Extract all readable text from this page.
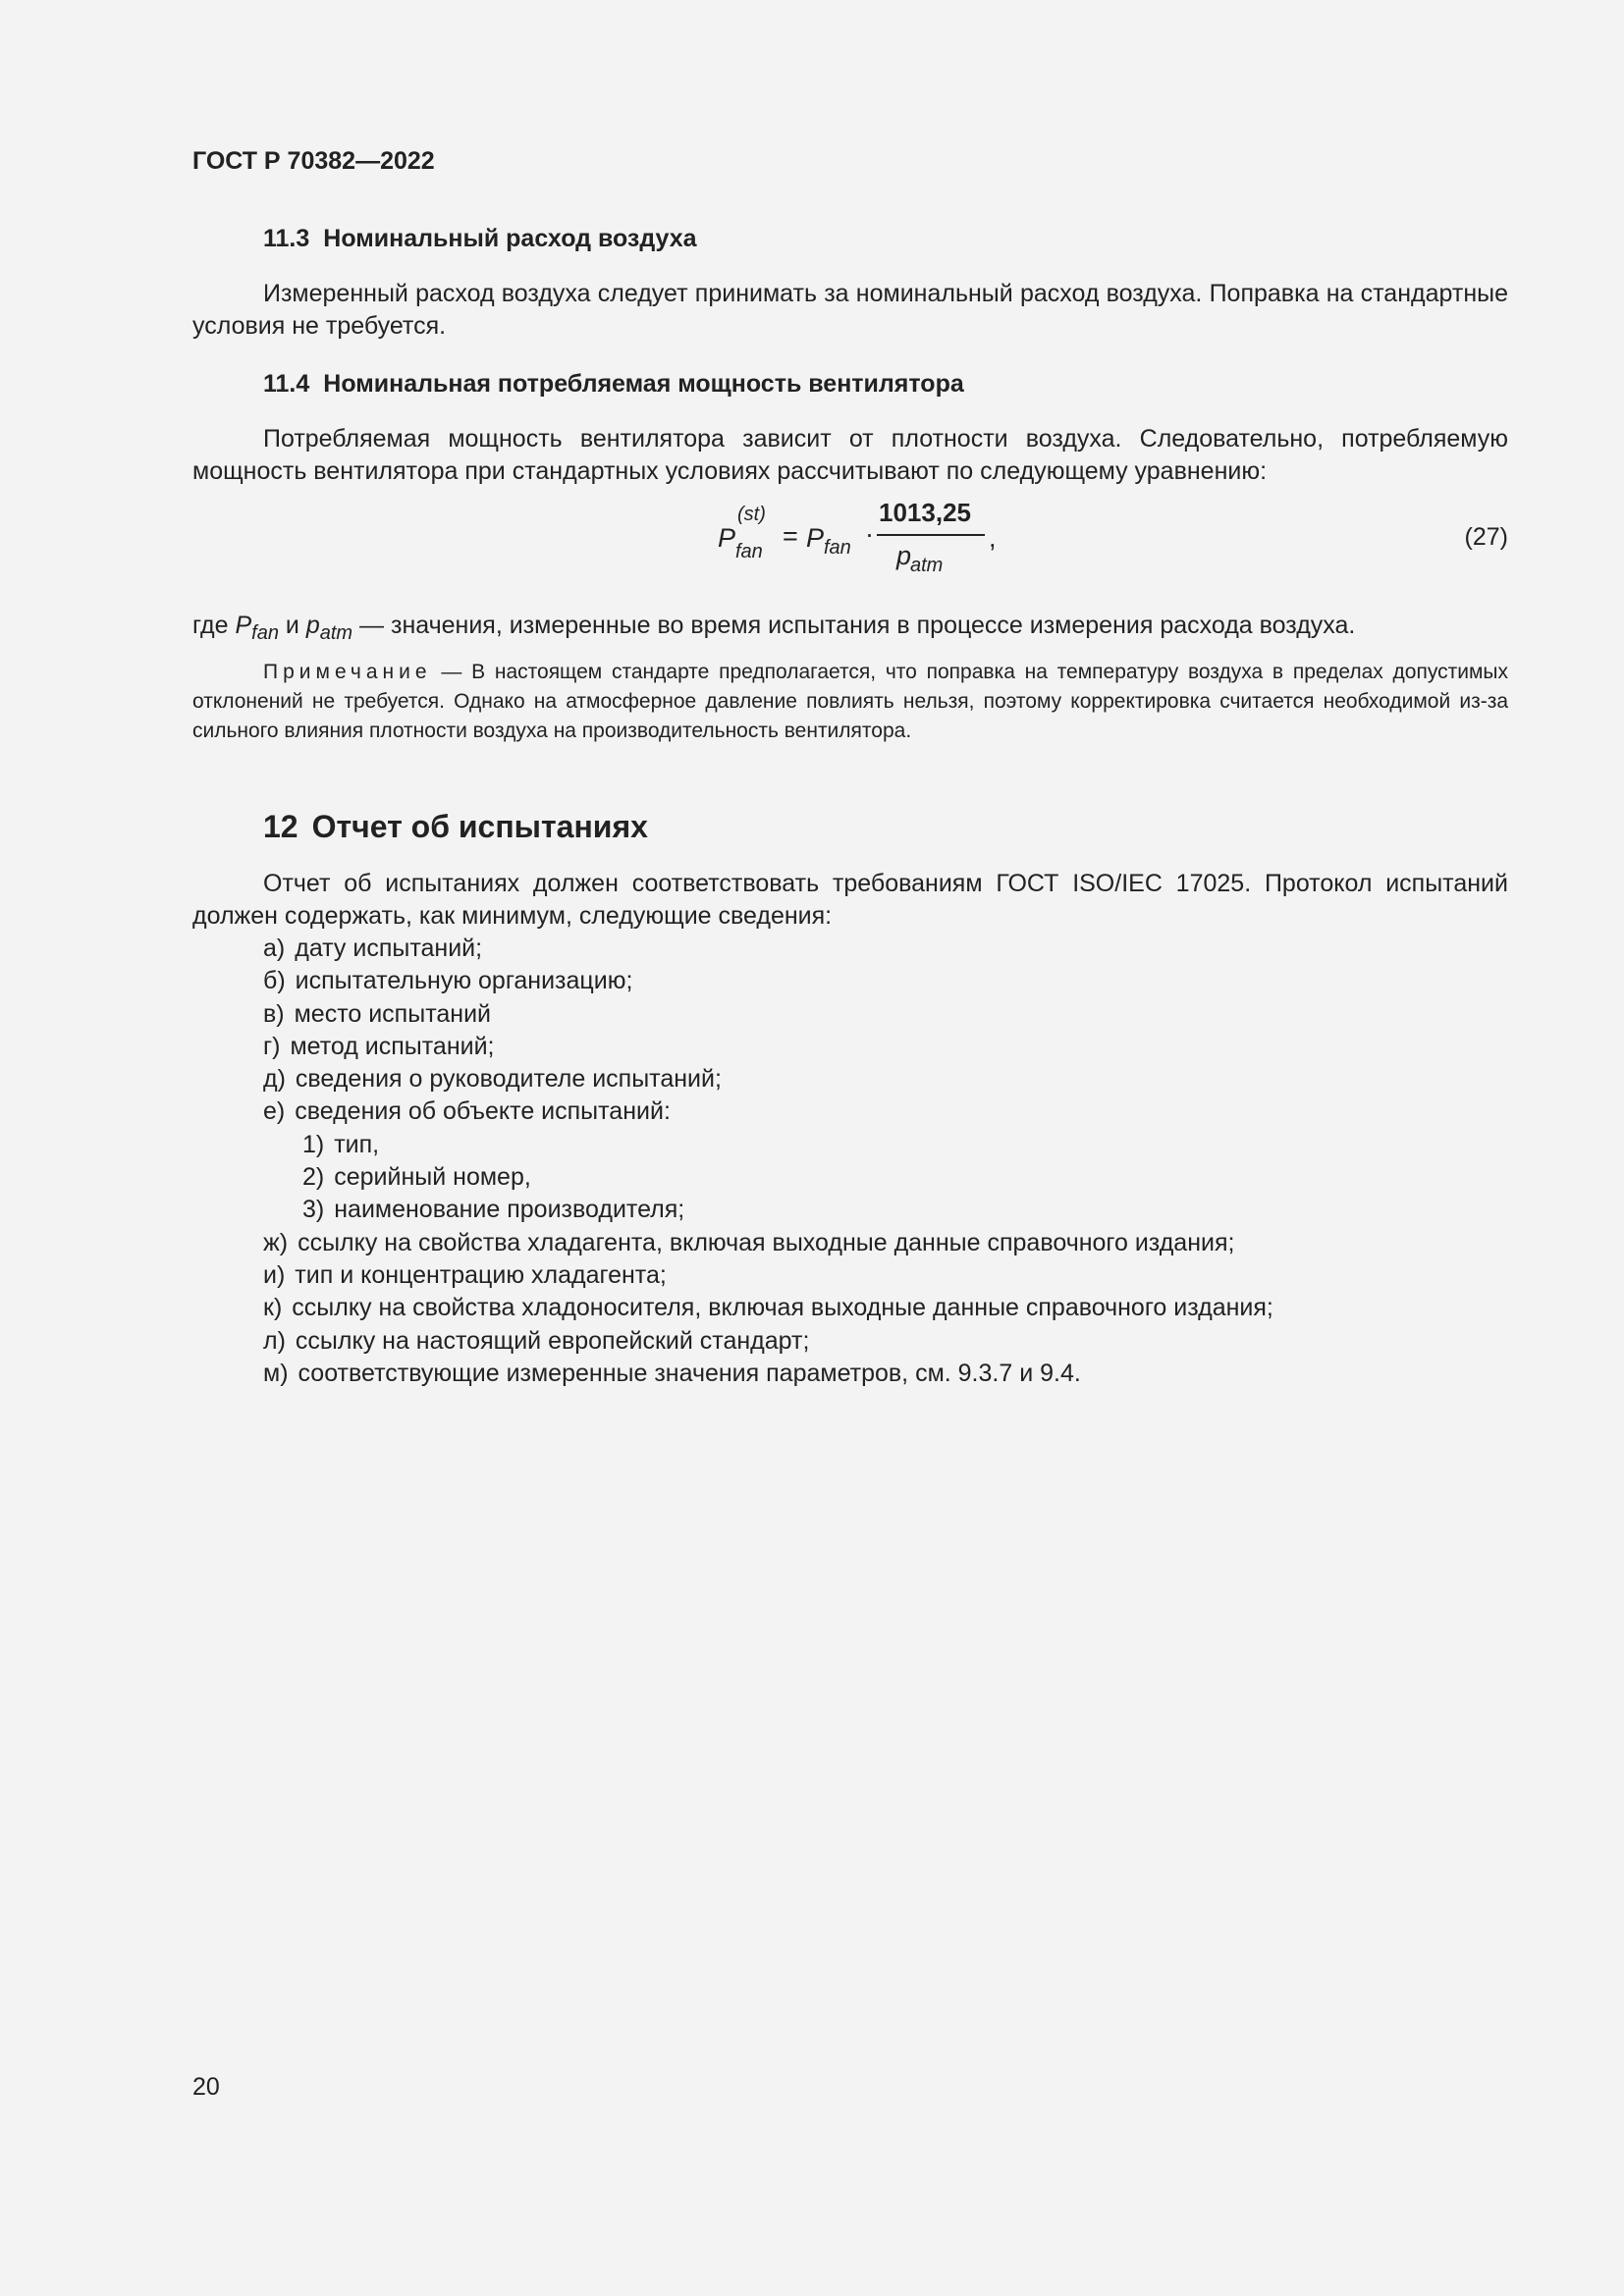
ГОСТ Р 70382—2022
11.3 Номинальный расход воздуха

Измеренный расход воздуха следует принимать за номинальный расход воздуха. Поправка на стандартные условия не требуется.

11.4 Номинальная потребляемая мощность вентилятора

Потребляемая мощность вентилятора зависит от плотности воздуха. Следовательно, потребляемую мощность вентилятора при стандартных условиях рассчитывают по следующему уравнению:

P
(st)
fan
= P fan ·
1013,25
p
atm
,	(27)

где $P_{fan}$ и $p_{atm}$ — значения, измеренные во время испытания в процессе измерения расхода воздуха.

Примечание — В настоящем стандарте предполагается, что поправка на температуру воздуха в пределах допустимых отклонений не требуется. Однако на атмосферное давление повлиять нельзя, поэтому корректировка считается необходимой из-за сильного влияния плотности воздуха на производительность вентилятора.

12 Отчет об испытаниях

Отчет об испытаниях должен соответствовать требованиям ГОСТ ISO/IEC 17025. Протокол испытаний должен содержать, как минимум, следующие сведения:

а) дату испытаний;
б) испытательную организацию;
в) место испытаний
г) метод испытаний;
д) сведения о руководителе испытаний;
е) сведения об объекте испытаний:
1) тип,
2) серийный номер,
3) наименование производителя;
ж) ссылку на свойства хладагента, включая выходные данные справочного издания;
и) тип и концентрацию хладагента;
к) ссылку на свойства хладоносителя, включая выходные данные справочного издания;
л) ссылку на настоящий европейский стандарт;
м) соответствующие измеренные значения параметров, см. 9.3.7 и 9.4.
20
